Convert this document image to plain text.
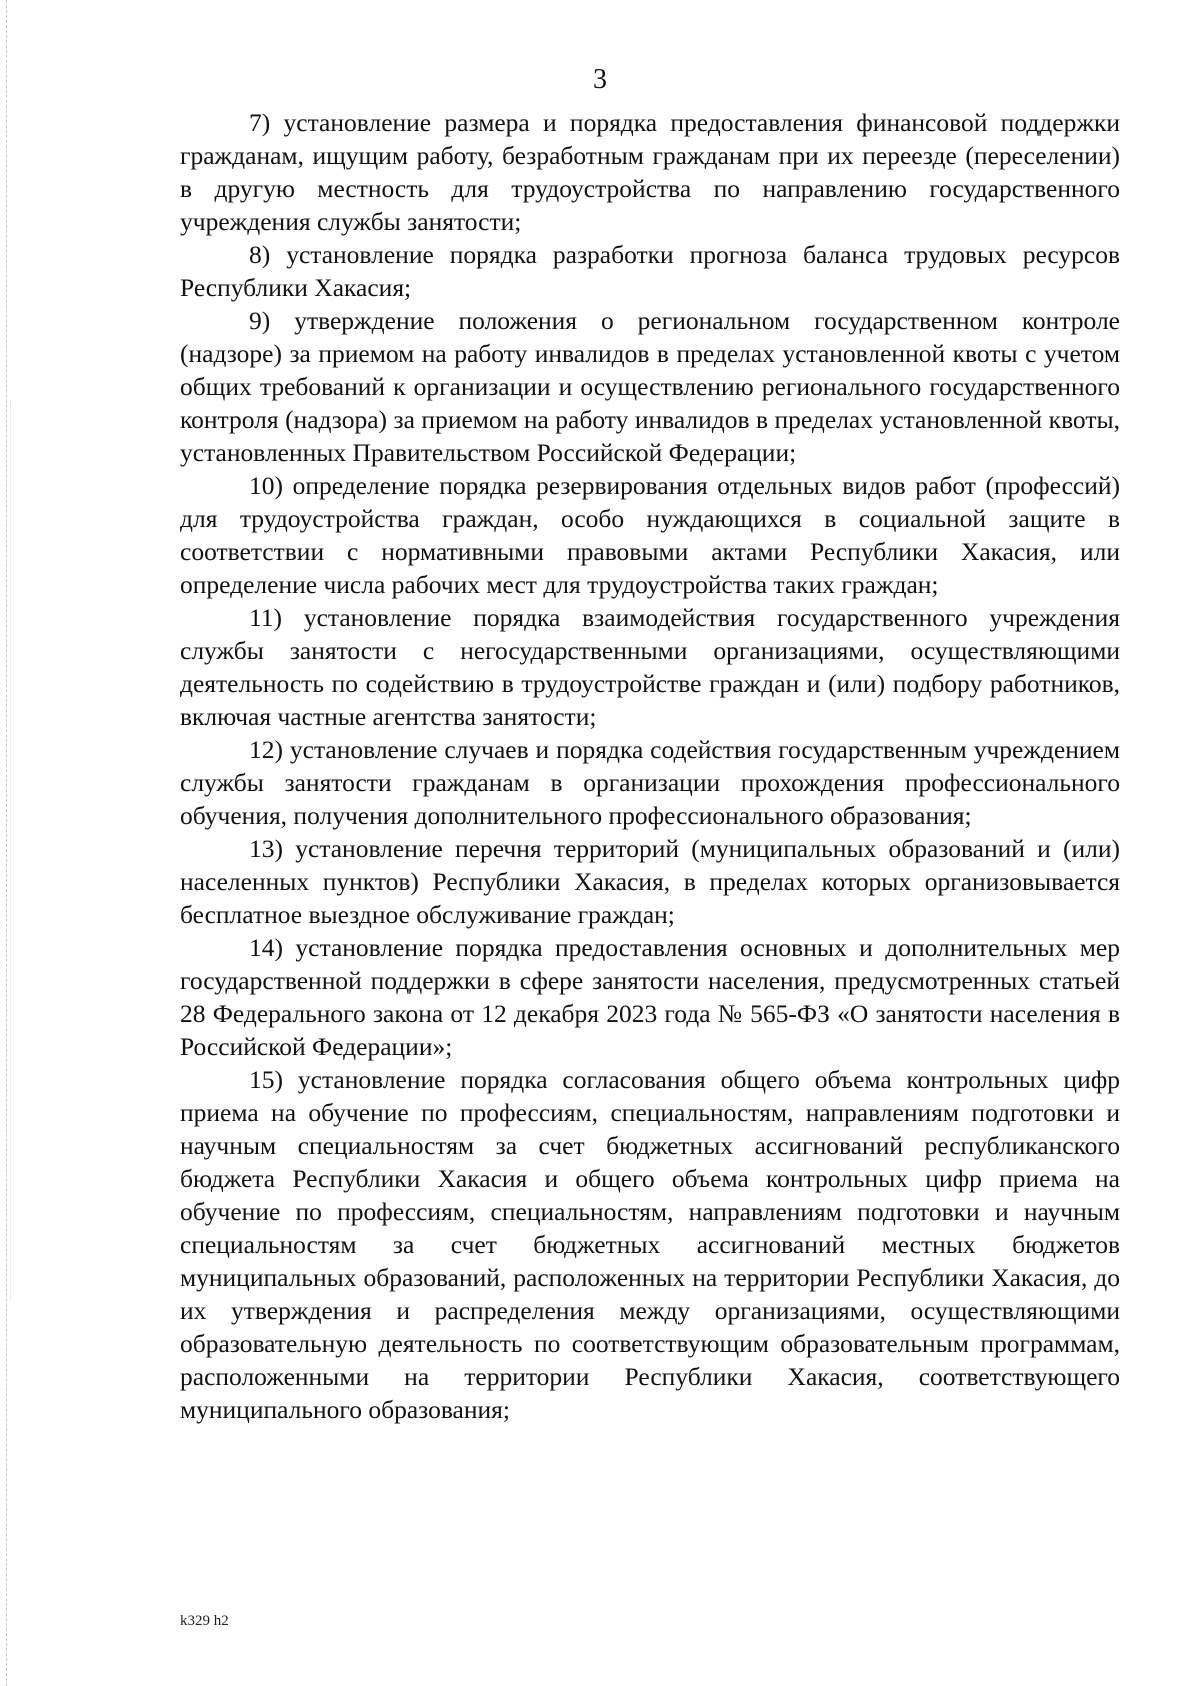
3

7) установление размера и порядка предоставления финансовой поддержки гражданам, ищущим работу, безработным гражданам при их переезде (переселении) в другую местность для трудоустройства по направлению государственного учреждения службы занятости;

8) установление порядка разработки прогноза баланса трудовых ресурсов Республики Хакасия;

9) утверждение положения о региональном государственном контроле (надзоре) за приемом на работу инвалидов в пределах установленной квоты с учетом общих требований к организации и осуществлению регионального государственного контроля (надзора) за приемом на работу инвалидов в пределах установленной квоты, установленных Правительством Российской Федерации;

10) определение порядка резервирования отдельных видов работ (профессий) для трудоустройства граждан, особо нуждающихся в социальной защите в соответствии с нормативными правовыми актами Республики Хакасия, или определение числа рабочих мест для трудоустройства таких граждан;

11) установление порядка взаимодействия государственного учреждения службы занятости с негосударственными организациями, осуществляющими деятельность по содействию в трудоустройстве граждан и (или) подбору работников, включая частные агентства занятости;

12) установление случаев и порядка содействия государственным учреждением службы занятости гражданам в организации прохождения профессионального обучения, получения дополнительного профессионального образования;

13) установление перечня территорий (муниципальных образований и (или) населенных пунктов) Республики Хакасия, в пределах которых организовывается бесплатное выездное обслуживание граждан;

14) установление порядка предоставления основных и дополнительных мер государственной поддержки в сфере занятости населения, предусмотренных статьей 28 Федерального закона от 12 декабря 2023 года № 565-ФЗ «О занятости населения в Российской Федерации»;

15) установление порядка согласования общего объема контрольных цифр приема на обучение по профессиям, специальностям, направлениям подготовки и научным специальностям за счет бюджетных ассигнований республиканского бюджета Республики Хакасия и общего объема контрольных цифр приема на обучение по профессиям, специальностям, направлениям подготовки и научным специальностям за счет бюджетных ассигнований местных бюджетов муниципальных образований, расположенных на территории Республики Хакасия, до их утверждения и распределения между организациями, осуществляющими образовательную деятельность по соответствующим образовательным программам, расположенными на территории Республики Хакасия, соответствующего муниципального образования;

k329 h2
